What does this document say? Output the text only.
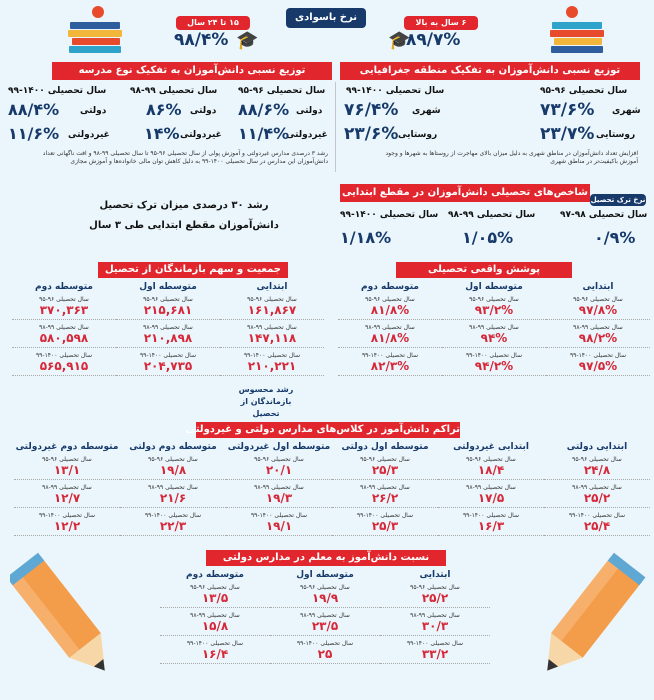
نرخ باسوادی
۱۵ تا ۲۴ سال
۹۸/۴% 🎓
۶ سال به بالا
۸۹/۷%
🎓
توزیع نسبی دانش‌آموزان به تفکیک منطقه جغرافیایی
سال تحصیلی ۹۶-۹۵
سال تحصیلی ۱۴۰۰-۹۹
شهری
۷۳/۶%
شهری
۷۶/۴%
روستایی
۲۳/۷%
روستایی
۲۳/۶%
افزایش تعداد دانش‌آموزان در مناطق شهری به دلیل میزان بالای مهاجرت از روستاها به شهرها و وجود آموزش باکیفیت‌تر در مناطق شهری
توزیع نسبی دانش‌آموزان به تفکیک نوع مدرسه
سال تحصیلی ۹۶-۹۵
سال تحصیلی ۹۹-۹۸
سال تحصیلی ۱۴۰۰-۹۹
دولتی
۸۸/۶%
دولتی
۸۶%
دولتی
۸۸/۴%
غیردولتی
۱۱/۴%
غیردولتی
۱۴%
غیردولتی
۱۱/۶%
رشد ۳ درصدی مدارس غیردولتی و آموزش پولی از سال تحصیلی ۹۶-۹۵ تا سال تحصیلی ۹۹-۹۸ و افت ناگهانی تعداد دانش‌آموزان این مدارس در سال تحصیلی ۱۴۰۰-۹۹ به دلیل کاهش توان مالی خانواده‌ها و آموزش مجازی
شاخص‌های تحصیلی دانش‌آموزان در مقطع ابتدایی
نرخ ترک تحصیل
سال تحصیلی ۹۸-۹۷
سال تحصیلی ۹۹-۹۸
سال تحصیلی ۱۴۰۰-۹۹
۰/۹%
۱/۰۵%
۱/۱۸%
رشد ۳۰ درصدی میزان ترک تحصیل دانش‌آموزان مقطع ابتدایی طی ۳ سال
پوشش واقعی تحصیلی
ابتدایی
سال تحصیلی ۹۶-۹۵
۹۷/۸%
سال تحصیلی ۹۹-۹۸
۹۸/۲%
سال تحصیلی ۱۴۰۰-۹۹
۹۷/۵%
متوسطه اول
سال تحصیلی ۹۶-۹۵
۹۳/۲%
سال تحصیلی ۹۹-۹۸
۹۴%
سال تحصیلی ۱۴۰۰-۹۹
۹۴/۲%
متوسطه دوم
سال تحصیلی ۹۶-۹۵
۸۱/۸%
سال تحصیلی ۹۹-۹۸
۸۱/۸%
سال تحصیلی ۱۴۰۰-۹۹
۸۲/۳%
جمعیت و سهم بازماندگان از تحصیل
ابتدایی
سال تحصیلی ۹۶-۹۵
۱۶۱,۸۶۷
سال تحصیلی ۹۹-۹۸
۱۴۷,۱۱۸
سال تحصیلی ۱۴۰۰-۹۹
۲۱۰,۲۲۱
متوسطه اول
سال تحصیلی ۹۶-۹۵
۲۱۵,۶۸۱
سال تحصیلی ۹۹-۹۸
۲۱۰,۸۹۸
سال تحصیلی ۱۴۰۰-۹۹
۲۰۴,۷۳۵
متوسطه دوم
سال تحصیلی ۹۶-۹۵
۳۷۰,۳۶۳
سال تحصیلی ۹۹-۹۸
۵۸۰,۵۹۸
سال تحصیلی ۱۴۰۰-۹۹
۵۶۵,۹۱۵
رشد محسوس بازماندگان از تحصیل
تراکم دانش‌آموز در کلاس‌های مدارس دولتی و غیردولتی
ابتدایی دولتی
سال تحصیلی ۹۶-۹۵
۲۴/۸
سال تحصیلی ۹۹-۹۸
۲۵/۲
سال تحصیلی ۱۴۰۰-۹۹
۲۵/۴
ابتدایی غیردولتی
سال تحصیلی ۹۶-۹۵
۱۸/۴
سال تحصیلی ۹۹-۹۸
۱۷/۵
سال تحصیلی ۱۴۰۰-۹۹
۱۶/۳
متوسطه اول دولتی
سال تحصیلی ۹۶-۹۵
۲۵/۳
سال تحصیلی ۹۹-۹۸
۲۶/۲
سال تحصیلی ۱۴۰۰-۹۹
۲۵/۳
متوسطه اول غیردولتی
سال تحصیلی ۹۶-۹۵
۲۰/۱
سال تحصیلی ۹۹-۹۸
۱۹/۳
سال تحصیلی ۱۴۰۰-۹۹
۱۹/۱
متوسطه دوم دولتی
سال تحصیلی ۹۶-۹۵
۱۹/۸
سال تحصیلی ۹۹-۹۸
۲۱/۶
سال تحصیلی ۱۴۰۰-۹۹
۲۲/۳
متوسطه دوم غیردولتی
سال تحصیلی ۹۶-۹۵
۱۳/۱
سال تحصیلی ۹۹-۹۸
۱۲/۷
سال تحصیلی ۱۴۰۰-۹۹
۱۲/۲
نسبت دانش‌آموز به معلم در مدارس دولتی
ابتدایی
سال تحصیلی ۹۶-۹۵
۲۵/۲
سال تحصیلی ۹۹-۹۸
۳۰/۳
سال تحصیلی ۱۴۰۰-۹۹
۳۳/۲
متوسطه اول
سال تحصیلی ۹۶-۹۵
۱۹/۹
سال تحصیلی ۹۹-۹۸
۲۳/۵
سال تحصیلی ۱۴۰۰-۹۹
۲۵
متوسطه دوم
سال تحصیلی ۹۶-۹۵
۱۳/۵
سال تحصیلی ۹۹-۹۸
۱۵/۸
سال تحصیلی ۱۴۰۰-۹۹
۱۶/۴
